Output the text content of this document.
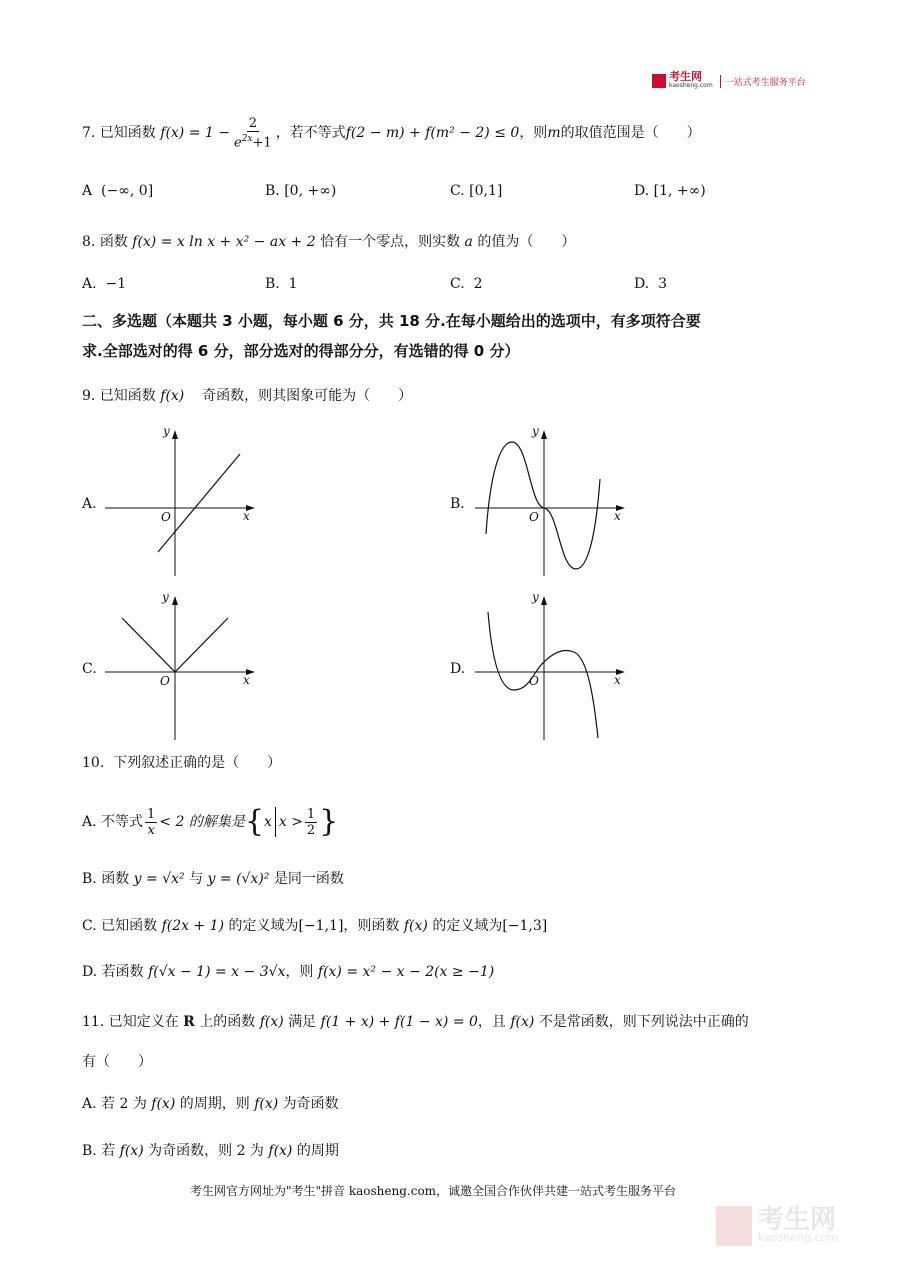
考生网
kaosheng.com	一站式考生服务平台
7.
已知函数
$f(x) = 1 - \frac{2}{e^{2x}+1}$ ，若不等式 f(2 − m) + f(m² − 2) ≤ 0 ，则 m 的取值范围是（　　）
A (−∞, 0]	B. [0, +∞)	C. [0,1]	D. [1, +∞)
8. 函数 f(x) = x ln x + x² − ax + 2 恰有一个零点，则实数 a 的值为（　　）
A. −1	B. 1	C. 2	D. 3
二、多选题（本题共 3 小题，每小题 6 分，共 18 分.在每小题给出的选项中，有多项符合要
求.全部选对的得 6 分，部分选对的得部分分，有选错的得 0 分）
9. 已知函数 f(x) 奇函数，则其图象可能为（　　）
A.
y
x
O
B.
y
x
O
C.
y
x
O
D.
y
x
O
10. 下列叙述正确的是（　　）
A.
不等式 $\frac{1}{x} < 2$ 的解集是 { x $x > \frac{1}{2}$ }
B. 函数 y = √x² 与 y = (√x)² 是同一函数
C. 已知函数 f(2x + 1) 的定义域为[−1,1]，则函数 f(x) 的定义域为[−1,3]
D. 若函数 f(√x − 1) = x − 3√x，则 f(x) = x² − x − 2(x ≥ −1)
11. 已知定义在 R 上的函数 f(x) 满足 f(1 + x) + f(1 − x) = 0，且 f(x) 不是常函数，则下列说法中正确的
有（　　）
A. 若 2 为 f(x) 的周期，则 f(x) 为奇函数
B. 若 f(x) 为奇函数，则 2 为 f(x) 的周期
考生网官方网址为"考生"拼音 kaosheng.com，诚邀全国合作伙伴共建一站式考生服务平台
考生网
kaosheng.com
